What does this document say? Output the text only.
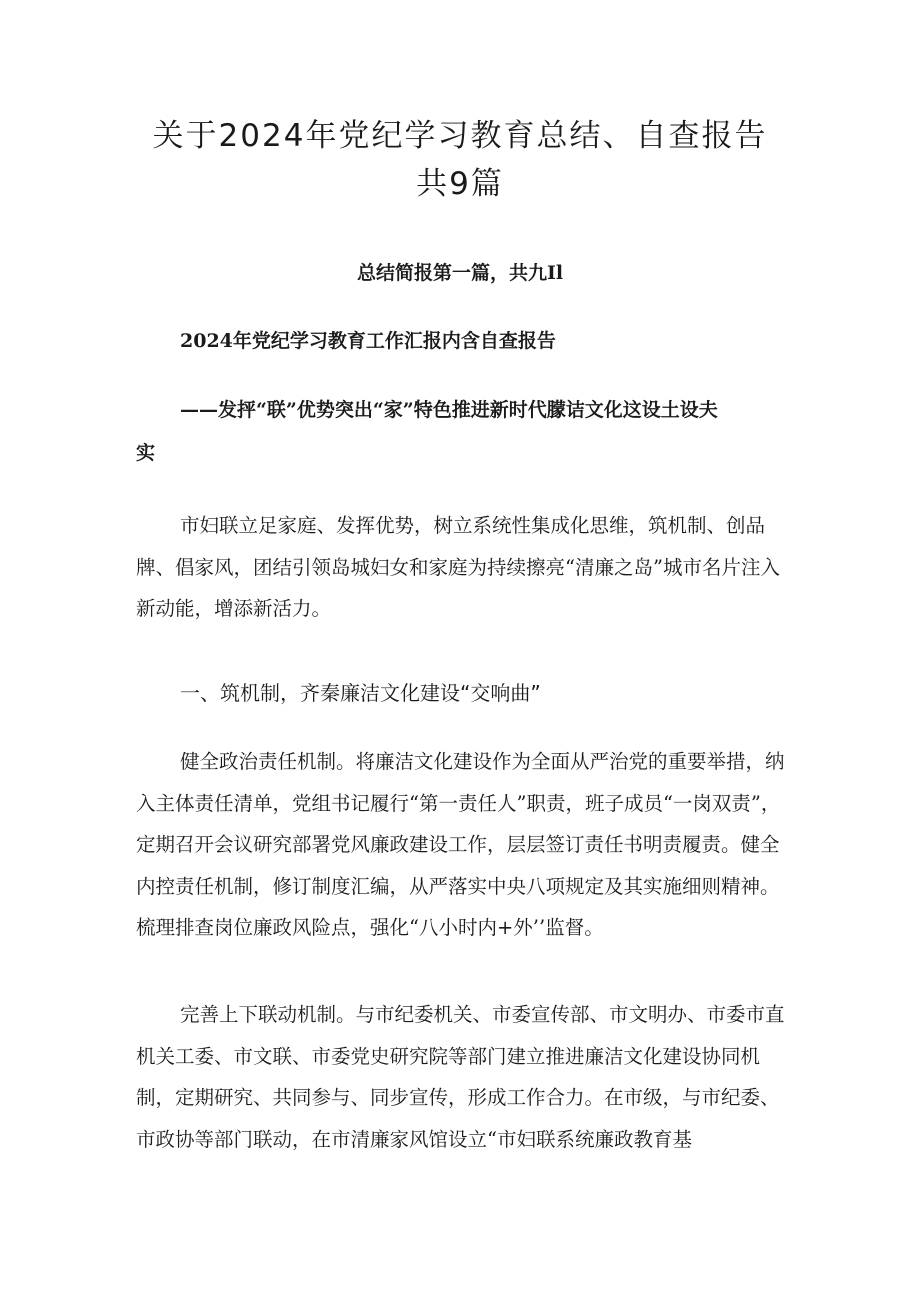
关于2024年党纪学习教育总结、自查报告
共9篇
总结简报第一篇，共九Il
2024年党纪学习教育工作汇报内含自查报告
——发抨“联”优势突出“家”特色推进新时代朦诘文化这设土设夫
实

市妇联立足家庭、发挥优势，树立系统性集成化思维，筑机制、创品牌、倡家风，团结引领岛城妇女和家庭为持续擦亮“清廉之岛”城市名片注入新动能，增添新活力。

一、筑机制，齐秦廉洁文化建设“交响曲”

健全政治责任机制。将廉洁文化建设作为全面从严治党的重要举措，纳入主体责任清单，党组书记履行“第一责任人”职责，班子成员“一岗双责”，定期召开会议研究部署党风廉政建设工作，层层签订责任书明责履责。健全内控责任机制，修订制度汇编，从严落实中央八项规定及其实施细则精神。梳理排查岗位廉政风险点，强化“八小时内+外’’监督。

完善上下联动机制。与市纪委机关、市委宣传部、市文明办、市委市直机关工委、市文联、市委党史研究院等部门建立推进廉洁文化建设协同机制，定期研究、共同参与、同步宣传，形成工作合力。在市级，与市纪委、市政协等部门联动，在市清廉家风馆设立“市妇联系统廉政教育基
